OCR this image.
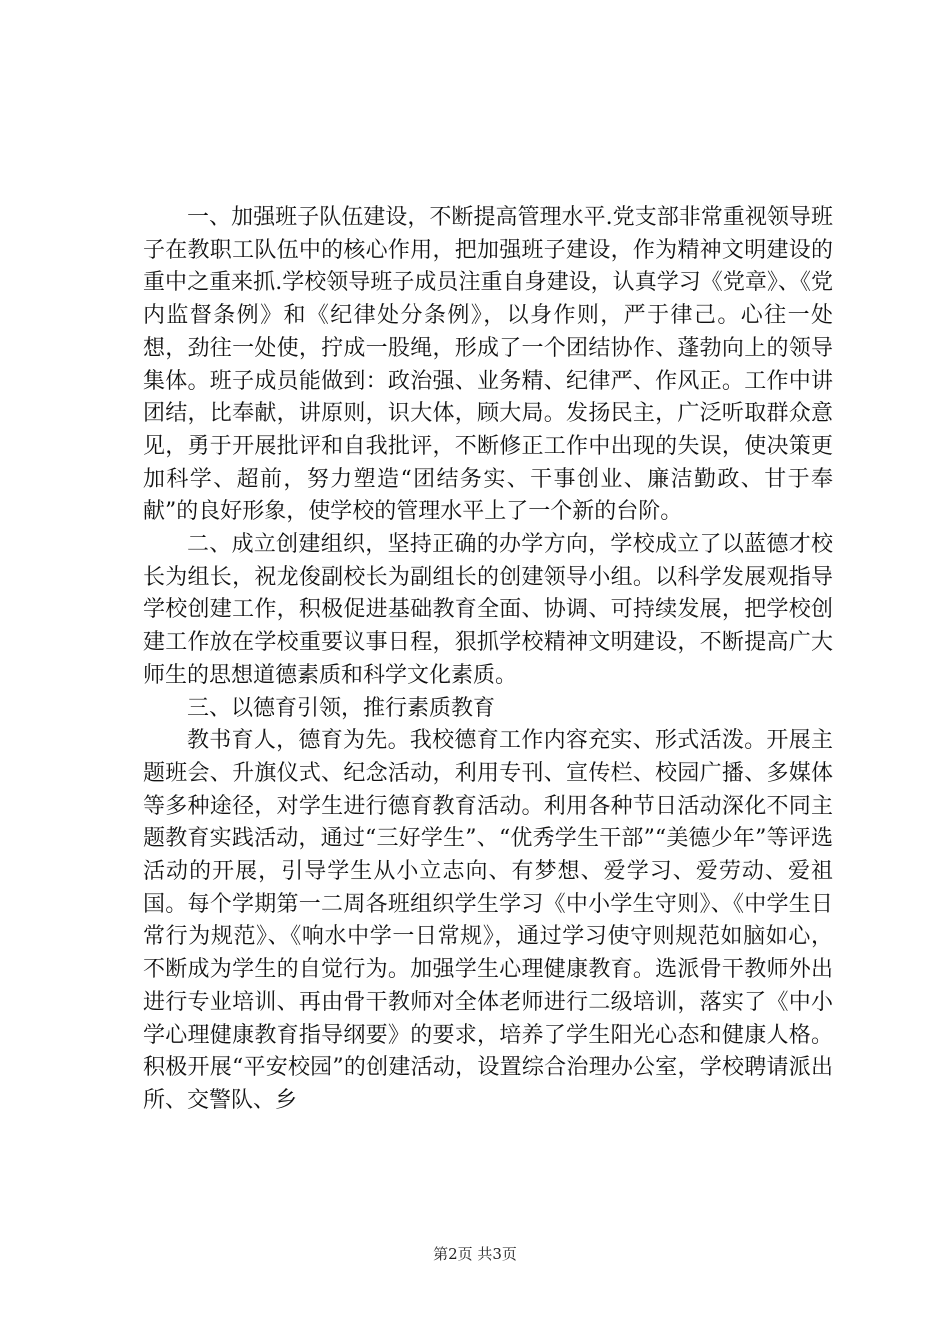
一、加强班子队伍建设，不断提高管理水平.党支部非常重视领导班子在教职工队伍中的核心作用，把加强班子建设，作为精神文明建设的重中之重来抓.学校领导班子成员注重自身建设，认真学习《党章》、《党内监督条例》和《纪律处分条例》，以身作则，严于律己。心往一处想，劲往一处使，拧成一股绳，形成了一个团结协作、蓬勃向上的领导集体。班子成员能做到：政治强、业务精、纪律严、作风正。工作中讲团结，比奉献，讲原则，识大体，顾大局。发扬民主，广泛听取群众意见，勇于开展批评和自我批评，不断修正工作中出现的失误，使决策更加科学、超前，努力塑造“团结务实、干事创业、廉洁勤政、甘于奉献”的良好形象，使学校的管理水平上了一个新的台阶。

二、成立创建组织，坚持正确的办学方向，学校成立了以蓝德才校长为组长，祝龙俊副校长为副组长的创建领导小组。以科学发展观指导学校创建工作，积极促进基础教育全面、协调、可持续发展，把学校创建工作放在学校重要议事日程，狠抓学校精神文明建设，不断提高广大师生的思想道德素质和科学文化素质。

三、以德育引领，推行素质教育

教书育人，德育为先。我校德育工作内容充实、形式活泼。开展主题班会、升旗仪式、纪念活动，利用专刊、宣传栏、校园广播、多媒体等多种途径，对学生进行德育教育活动。利用各种节日活动深化不同主题教育实践活动，通过“三好学生”、“优秀学生干部”“美德少年”等评选活动的开展，引导学生从小立志向、有梦想、爱学习、爱劳动、爱祖国。每个学期第一二周各班组织学生学习《中小学生守则》、《中学生日常行为规范》、《响水中学一日常规》，通过学习使守则规范如脑如心，不断成为学生的自觉行为。加强学生心理健康教育。选派骨干教师外出进行专业培训、再由骨干教师对全体老师进行二级培训，落实了《中小学心理健康教育指导纲要》的要求，培养了学生阳光心态和健康人格。积极开展“平安校园”的创建活动，设置综合治理办公室，学校聘请派出所、交警队、乡

第2页 共3页
